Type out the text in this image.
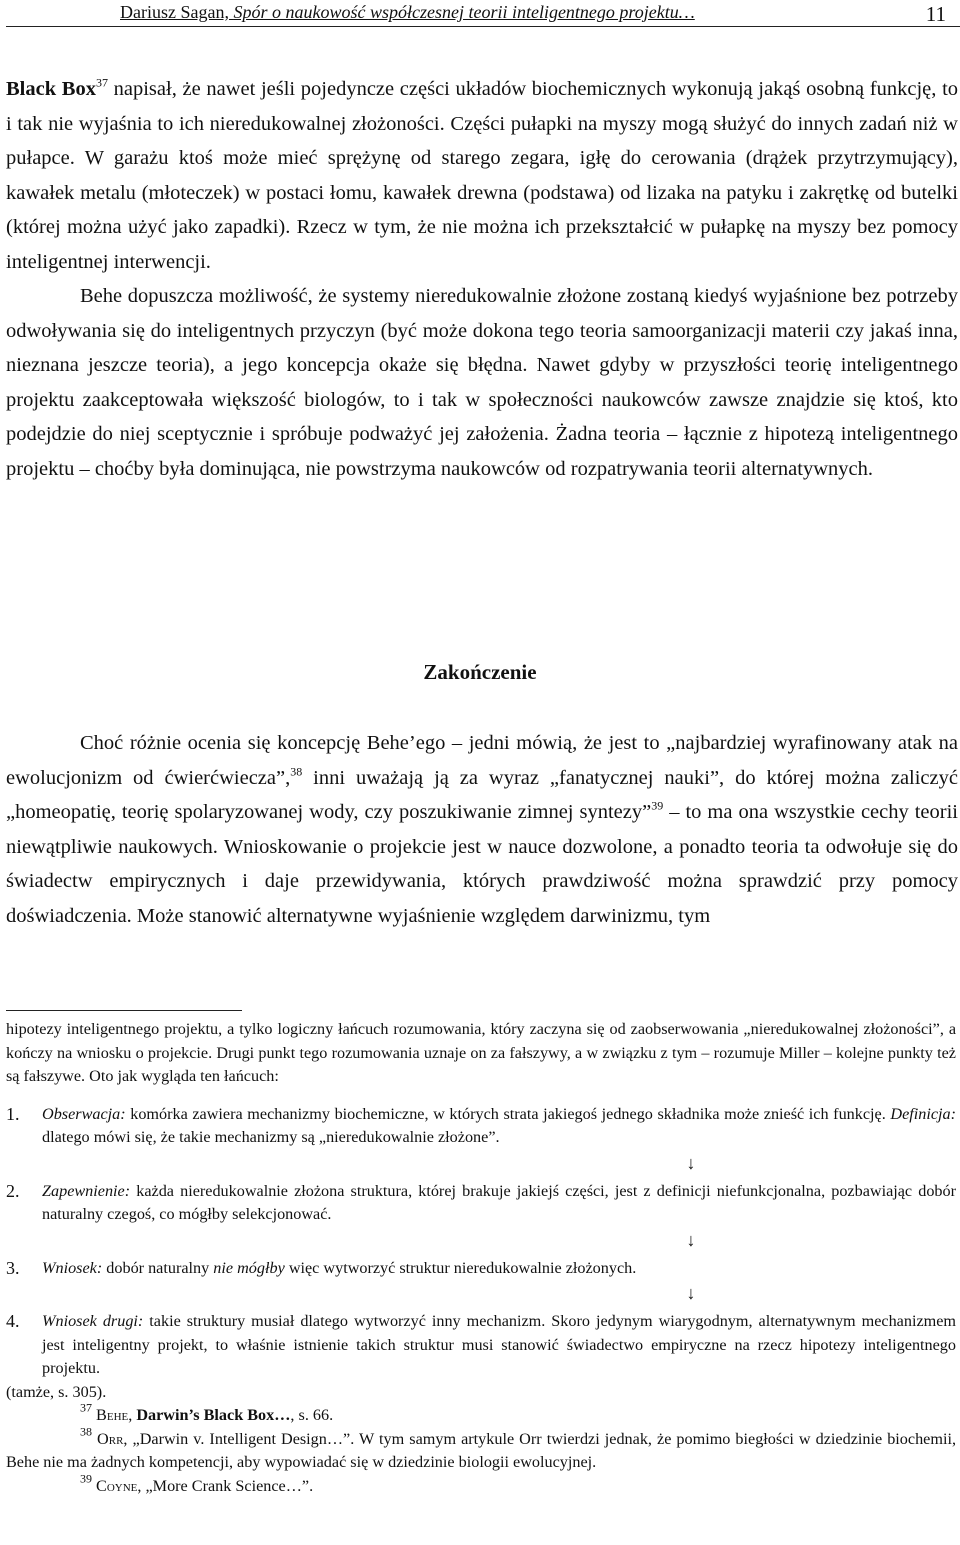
Dariusz Sagan, Spór o naukowość współczesnej teorii inteligentnego projektu…	11

Black Box$^{37}$ napisał, że nawet jeśli pojedyncze części układów biochemicznych wykonują jakąś osobną funkcję, to i tak nie wyjaśnia to ich nieredukowalnej złożoności. Części pułapki na myszy mogą służyć do innych zadań niż w pułapce. W garażu ktoś może mieć sprężynę od starego zegara, igłę do cerowania (drążek przytrzymujący), kawałek metalu (młoteczek) w postaci łomu, kawałek drewna (podstawa) od lizaka na patyku i zakrętkę od butelki (której można użyć jako zapadki). Rzecz w tym, że nie można ich przekształcić w pułapkę na myszy bez pomocy inteligentnej interwencji.

Behe dopuszcza możliwość, że systemy nieredukowalnie złożone zostaną kiedyś wyjaśnione bez potrzeby odwoływania się do inteligentnych przyczyn (być może dokona tego teoria samoorganizacji materii czy jakaś inna, nieznana jeszcze teoria), a jego koncepcja okaże się błędna. Nawet gdyby w przyszłości teorię inteligentnego projektu zaakceptowała większość biologów, to i tak w społeczności naukowców zawsze znajdzie się ktoś, kto podejdzie do niej sceptycznie i spróbuje podważyć jej założenia. Żadna teoria – łącznie z hipotezą inteligentnego projektu – choćby była dominująca, nie powstrzyma naukowców od rozpatrywania teorii alternatywnych.

Zakończenie

Choć różnie ocenia się koncepcję Behe’ego – jedni mówią, że jest to „najbardziej wyrafinowany atak na ewolucjonizm od ćwierćwiecza”,$^{38}$ inni uważają ją za wyraz „fanatycznej nauki”, do której można zaliczyć „homeopatię, teorię spolaryzowanej wody, czy poszukiwanie zimnej syntezy”$^{39}$ – to ma ona wszystkie cechy teorii niewątpliwie naukowych. Wnioskowanie o projekcie jest w nauce dozwolone, a ponadto teoria ta odwołuje się do świadectw empirycznych i daje przewidywania, których prawdziwość można sprawdzić przy pomocy doświadczenia. Może stanowić alternatywne wyjaśnienie względem darwinizmu, tym

hipotezy inteligentnego projektu, a tylko logiczny łańcuch rozumowania, który zaczyna się od zaobserwowania „nieredukowalnej złożoności”, a kończy na wniosku o projekcie. Drugi punkt tego rozumowania uznaje on za fałszywy, a w związku z tym – rozumuje Miller – kolejne punkty też są fałszywe. Oto jak wygląda ten łańcuch:

1. Obserwacja: komórka zawiera mechanizmy biochemiczne, w których strata jakiegoś jednego składnika może znieść ich funkcję. Definicja: dlatego mówi się, że takie mechanizmy są „nieredukowalnie złożone”.
↓
2. Zapewnienie: każda nieredukowalnie złożona struktura, której brakuje jakiejś części, jest z definicji niefunkcjonalna, pozbawiając dobór naturalny czegoś, co mógłby selekcjonować.
↓
3. Wniosek: dobór naturalny nie mógłby więc wytworzyć struktur nieredukowalnie złożonych.
↓
4. Wniosek drugi: takie struktury musiał dlatego wytworzyć inny mechanizm. Skoro jedynym wiarygodnym, alternatywnym mechanizmem jest inteligentny projekt, to właśnie istnienie takich struktur musi stanowić świadectwo empiryczne na rzecz hipotezy inteligentnego projektu.

(tamże, s. 305).

$^{37}$ Behe, Darwin’s Black Box…, s. 66.

$^{38}$ Orr, „Darwin v. Intelligent Design…”. W tym samym artykule Orr twierdzi jednak, że pomimo biegłości w dziedzinie biochemii, Behe nie ma żadnych kompetencji, aby wypowiadać się w dziedzinie biologii ewolucyjnej.

$^{39}$ Coyne, „More Crank Science…”.
